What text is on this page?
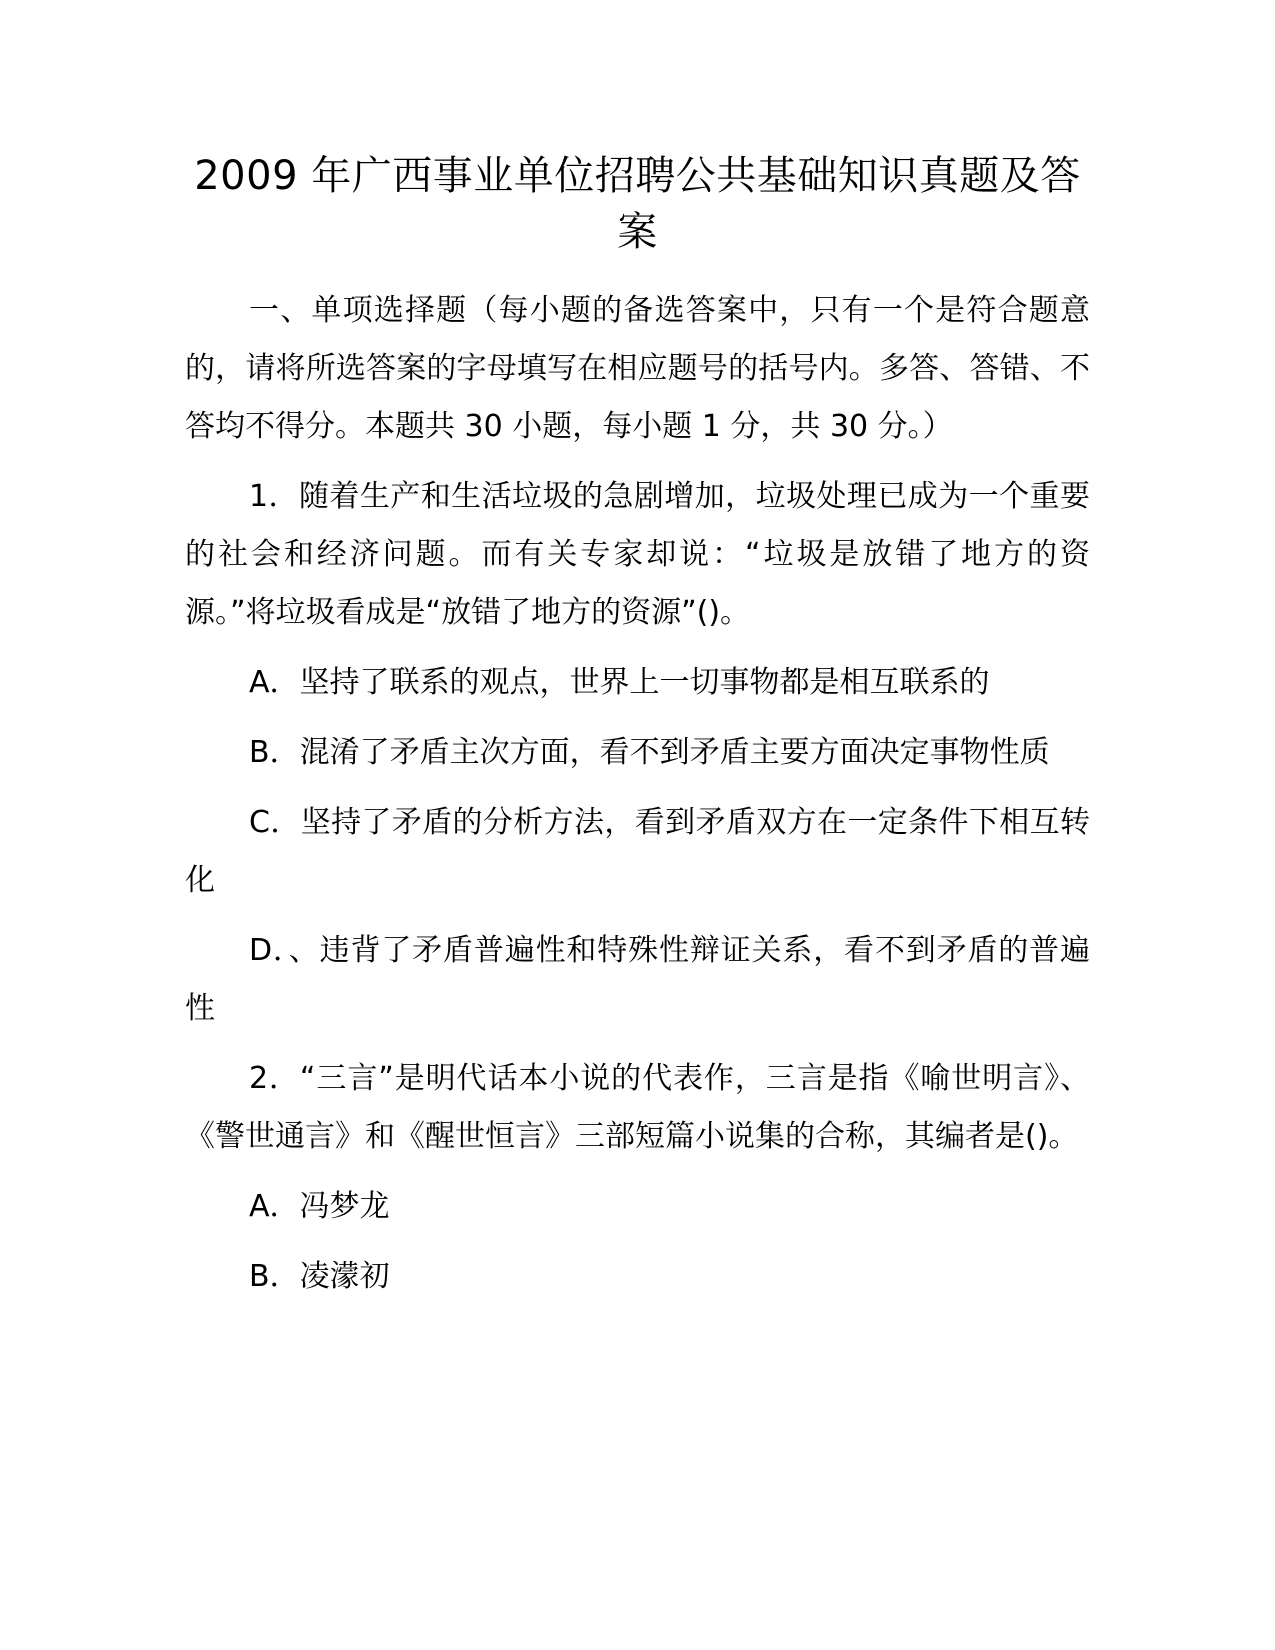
2009 年广西事业单位招聘公共基础知识真题及答案

一、单项选择题（每小题的备选答案中，只有一个是符合题意的，请将所选答案的字母填写在相应题号的括号内。多答、答错、不答均不得分。本题共 30 小题，每小题 1 分，共 30 分。）

1．随着生产和生活垃圾的急剧增加，垃圾处理已成为一个重要的社会和经济问题。而有关专家却说：“垃圾是放错了地方的资源。”将垃圾看成是“放错了地方的资源”()。

A．坚持了联系的观点，世界上一切事物都是相互联系的

B．混淆了矛盾主次方面，看不到矛盾主要方面决定事物性质

C．坚持了矛盾的分析方法，看到矛盾双方在一定条件下相互转化

D．、违背了矛盾普遍性和特殊性辩证关系，看不到矛盾的普遍性

2．“三言”是明代话本小说的代表作，三言是指《喻世明言》、《警世通言》和《醒世恒言》三部短篇小说集的合称，其编者是()。

A．冯梦龙

B．凌濛初
